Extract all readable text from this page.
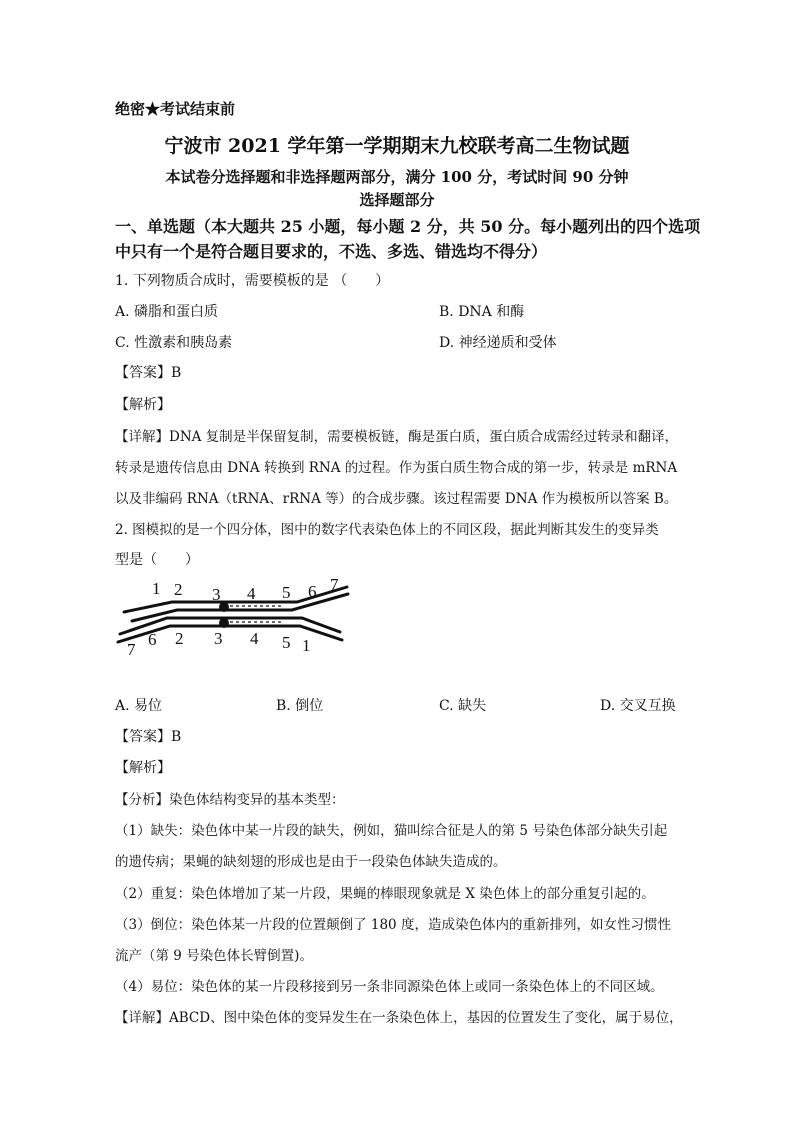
绝密★考试结束前
宁波市 2021 学年第一学期期末九校联考高二生物试题
本试卷分选择题和非选择题两部分，满分 100 分，考试时间 90 分钟
选择题部分
一、单选题（本大题共 25 小题，每小题 2 分，共 50 分。每小题列出的四个选项
中只有一个是符合题目要求的，不选、多选、错选均不得分）
1. 下列物质合成时，需要模板的是 （　　）
A. 磷脂和蛋白质	B. DNA 和酶
C. 性激素和胰岛素	D. 神经递质和受体
【答案】B
【解析】
【详解】DNA 复制是半保留复制，需要模板链，酶是蛋白质，蛋白质合成需经过转录和翻译，
转录是遗传信息由 DNA 转换到 RNA 的过程。作为蛋白质生物合成的第一步，转录是 mRNA
以及非编码 RNA（tRNA、rRNA 等）的合成步骤。该过程需要 DNA 作为模板所以答案 B。
2. 图模拟的是一个四分体，图中的数字代表染色体上的不同区段，据此判断其发生的变异类
型是（　　）
1 2 3 4 5 6 7
7
6 2 3 4 5 1
A. 易位	B. 倒位	C. 缺失	D. 交叉互换
【答案】B
【解析】
【分析】染色体结构变异的基本类型：
（1）缺失：染色体中某一片段的缺失，例如，猫叫综合征是人的第 5 号染色体部分缺失引起
的遗传病；果蝇的缺刻翅的形成也是由于一段染色体缺失造成的。
（2）重复：染色体增加了某一片段，果蝇的棒眼现象就是 X 染色体上的部分重复引起的。
（3）倒位：染色体某一片段的位置颠倒了 180 度，造成染色体内的重新排列，如女性习惯性
流产（第 9 号染色体长臂倒置)。
（4）易位：染色体的某一片段移接到另一条非同源染色体上或同一条染色体上的不同区域。
【详解】ABCD、图中染色体的变异发生在一条染色体上，基因的位置发生了变化，属于易位，
